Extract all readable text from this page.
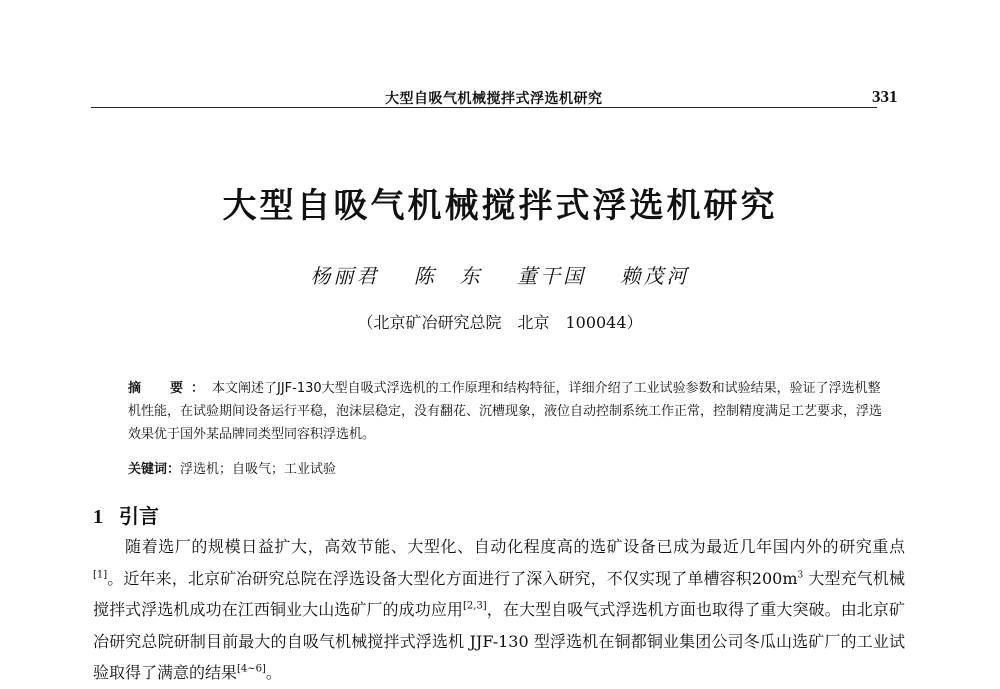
大型自吸气机械搅拌式浮选机研究	331
大型自吸气机械搅拌式浮选机研究
杨丽君 陈　东 董干国 赖茂河
（北京矿冶研究总院　北京　100044）
摘　要：本文阐述了JJF-130大型自吸式浮选机的工作原理和结构特征，详细介绍了工业试验参数和试验结果，验证了浮选机整机性能，在试验期间设备运行平稳，泡沫层稳定，没有翻花、沉槽现象，液位自动控制系统工作正常，控制精度满足工艺要求，浮选效果优于国外某品牌同类型同容积浮选机。
关键词：浮选机；自吸气；工业试验
1 引言

随着选厂的规模日益扩大，高效节能、大型化、自动化程度高的选矿设备已成为最近几年国内外的研究重点[1]。近年来，北京矿冶研究总院在浮选设备大型化方面进行了深入研究，不仅实现了单槽容积$200m^3$ 大型充气机械搅拌式浮选机成功在江西铜业大山选矿厂的成功应用[2,3]，在大型自吸气式浮选机方面也取得了重大突破。由北京矿冶研究总院研制目前最大的自吸气机械搅拌式浮选机 JJF-130 型浮选机在铜都铜业集团公司冬瓜山选矿厂的工业试验取得了满意的结果[4~6]。
